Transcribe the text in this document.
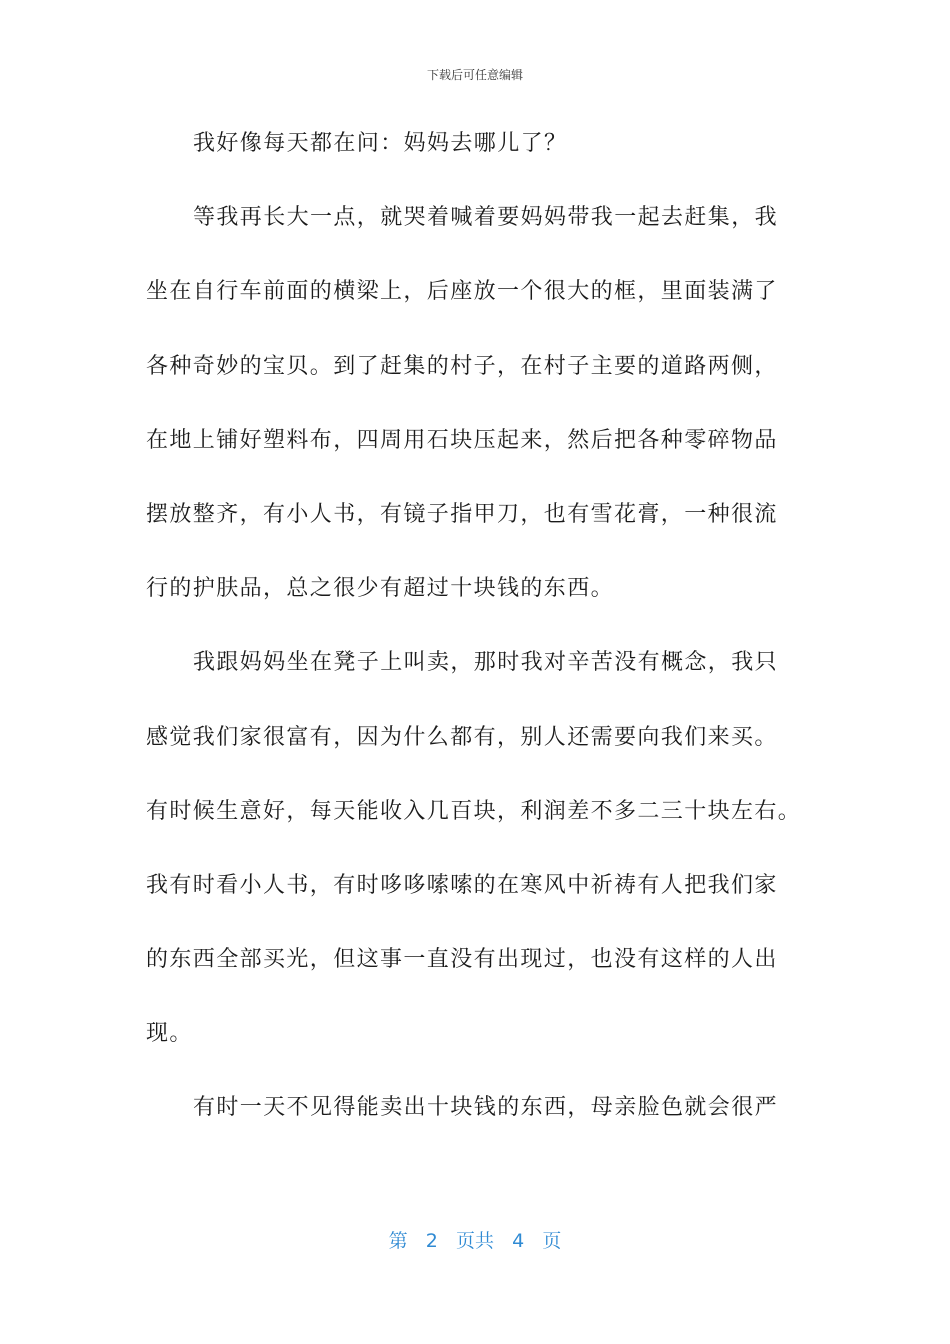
下载后可任意编辑
我好像每天都在问：妈妈去哪儿了？
等我再长大一点，就哭着喊着要妈妈带我一起去赶集，我
坐在自行车前面的横梁上，后座放一个很大的框，里面装满了
各种奇妙的宝贝。到了赶集的村子，在村子主要的道路两侧，
在地上铺好塑料布，四周用石块压起来，然后把各种零碎物品
摆放整齐，有小人书，有镜子指甲刀，也有雪花膏，一种很流
行的护肤品，总之很少有超过十块钱的东西。
我跟妈妈坐在凳子上叫卖，那时我对辛苦没有概念，我只
感觉我们家很富有，因为什么都有，别人还需要向我们来买。
有时候生意好，每天能收入几百块，利润差不多二三十块左右。
我有时看小人书，有时哆哆嗦嗦的在寒风中祈祷有人把我们家
的东西全部买光，但这事一直没有出现过，也没有这样的人出
现。
有时一天不见得能卖出十块钱的东西，母亲脸色就会很严
第 2 页共 4 页
